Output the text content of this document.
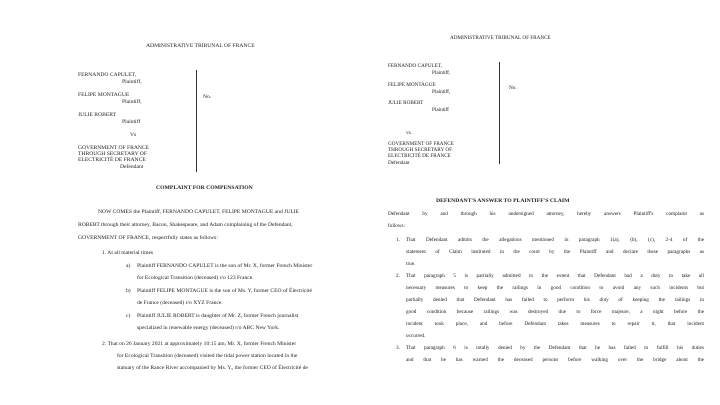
ADMINISTRATIVE TRIBUNAL OF FRANCE
FERNANDO CAPULET,
Plaintiff,
FELIPE MONTAGUE
Plaintiff,
JULIE ROBERT
Plaintiff
No.
Vs
GOVERNMENT OF FRANCE
THROUGH SECRETARY OF
ELECTRICITÉ DE FRANCE
Defendant
COMPLAINT FOR COMPENSATION
NOW COMES the Plaintiff, FERNANDO CAPULET, FELIPE MONTAGUE and JULIE
ROBERT through their attorney, Bacon, Shakespeare, and Adam complaining of the Defendant,
GOVERNMENT OF FRANCE, respectfully states as follows:
1. At all material times
a) Plaintiff FERNANDO CAPULET is the son of Mr. X, former French Minister
for Ecological Transition (deceased) r/o 123 France.
b) Plaintiff FELIPE MONTAGUE is the son of Ms. Y, former CEO of Électricité
de France (deceased) r/o XYZ France.
c) Plaintiff JULIE ROBERT is daughter of Mr. Z, former French journalist
specialized in renewable energy (deceased) r/o ABC New York.
2. That on 26 January 2021 at approximately 10:15 am, Mr. X, former French Minister
for Ecological Transition (deceased) visited the tidal power station located in the
statuary of the Rance River accompanied by Ms. Y., the former CEO of Électricité de
ADMINISTRATIVE TRIBUNAL OF FRANCE
FERNANDO CAPULET,
Plaintiff,
FELIPE MONTAGUE
Plaintiff,
JULIE ROBERT
Plaintiff
No.
vs.
GOVERNMENT OF FRANCE
THROUGH SECRETARY OF
ELECTRICITÉ DE FRANCE
Defendant
DEFENDANT'S ANSWER TO PLAINTIFF'S CLAIM
Defendant by and through his undersigned attorney, hereby answers Plaintiff's complaint as
follows:
1. That Defendant admits the allegations mentioned in paragraph 1(a), (b), (c), 2-4 of the
statement of Claim instituted in the court by the Plaintiff and declare these paragraphs as
true.
2. That paragraph 5 is partially admitted to the extent that Defendant had a duty to take all
necessary measures to keep the railings in good condition to avoid any such incidents but
partially denied that Defendant has failed to perform his duty of keeping the railings in
good condition because railings was destroyed due to force majeure, a night before the
incident took place, and before Defendant takes measures to repair it, that incident
occurred.
3. That paragraph 6 is totally denied by the Defendant that he has failed to fulfill his duties
and that he has warned the deceased persons before walking over the bridge about the
